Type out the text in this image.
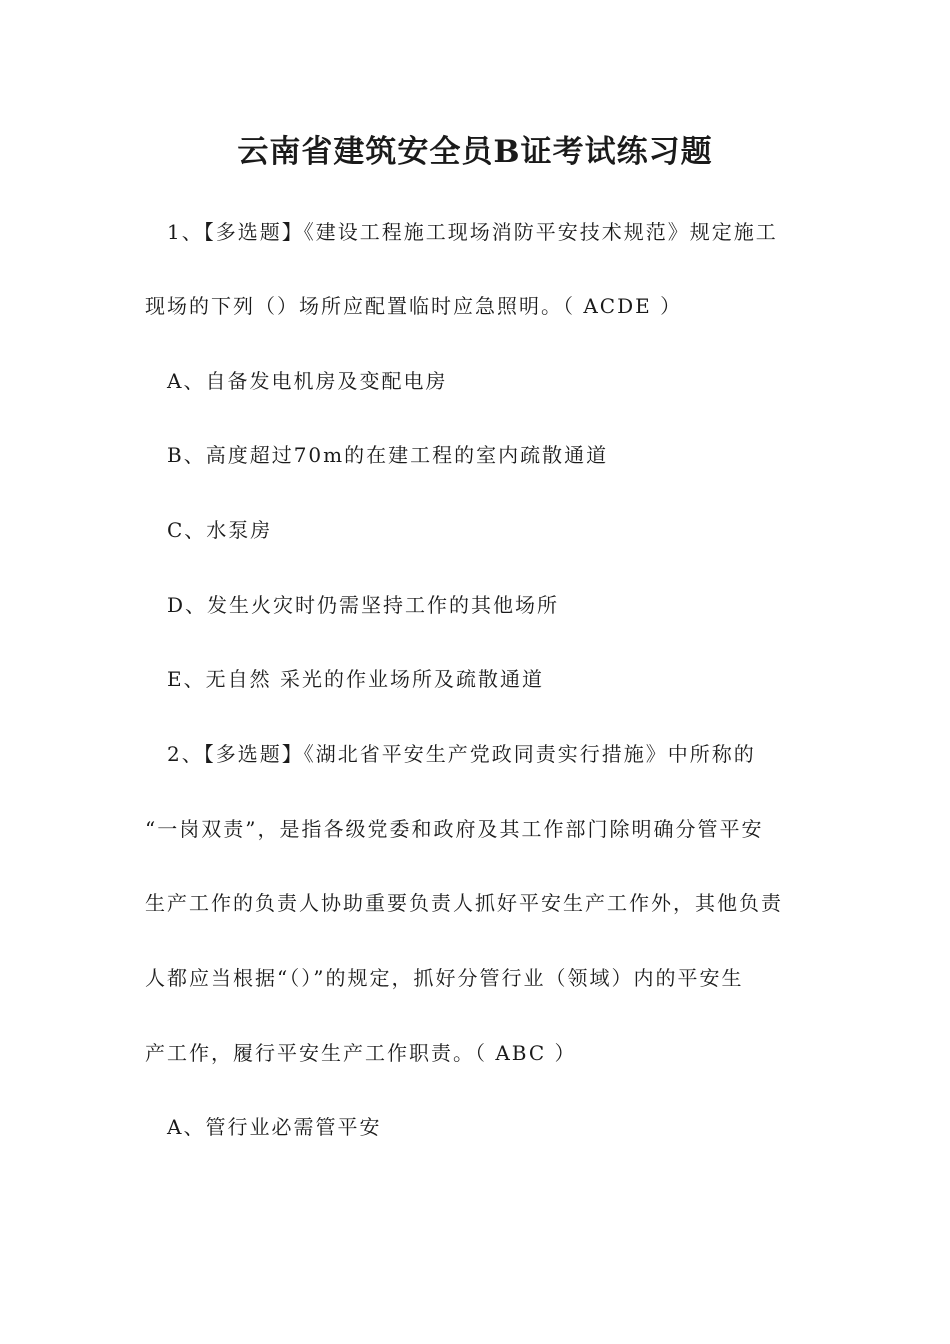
云南省建筑安全员B证考试练习题

1、【多选题】《建设工程施工现场消防平安技术规范》规定施工

现场的下列（）场所应配置临时应急照明。（ ACDE ）

A、自备发电机房及变配电房

B、高度超过70m的在建工程的室内疏散通道

C、水泵房

D、发生火灾时仍需坚持工作的其他场所

E、无自然 采光的作业场所及疏散通道

2、【多选题】《湖北省平安生产党政同责实行措施》中所称的

“一岗双责”，是指各级党委和政府及其工作部门除明确分管平安

生产工作的负责人协助重要负责人抓好平安生产工作外，其他负责

人都应当根据“（）”的规定，抓好分管行业（领域）内的平安生

产工作，履行平安生产工作职责。（ ABC ）

A、管行业必需管平安
